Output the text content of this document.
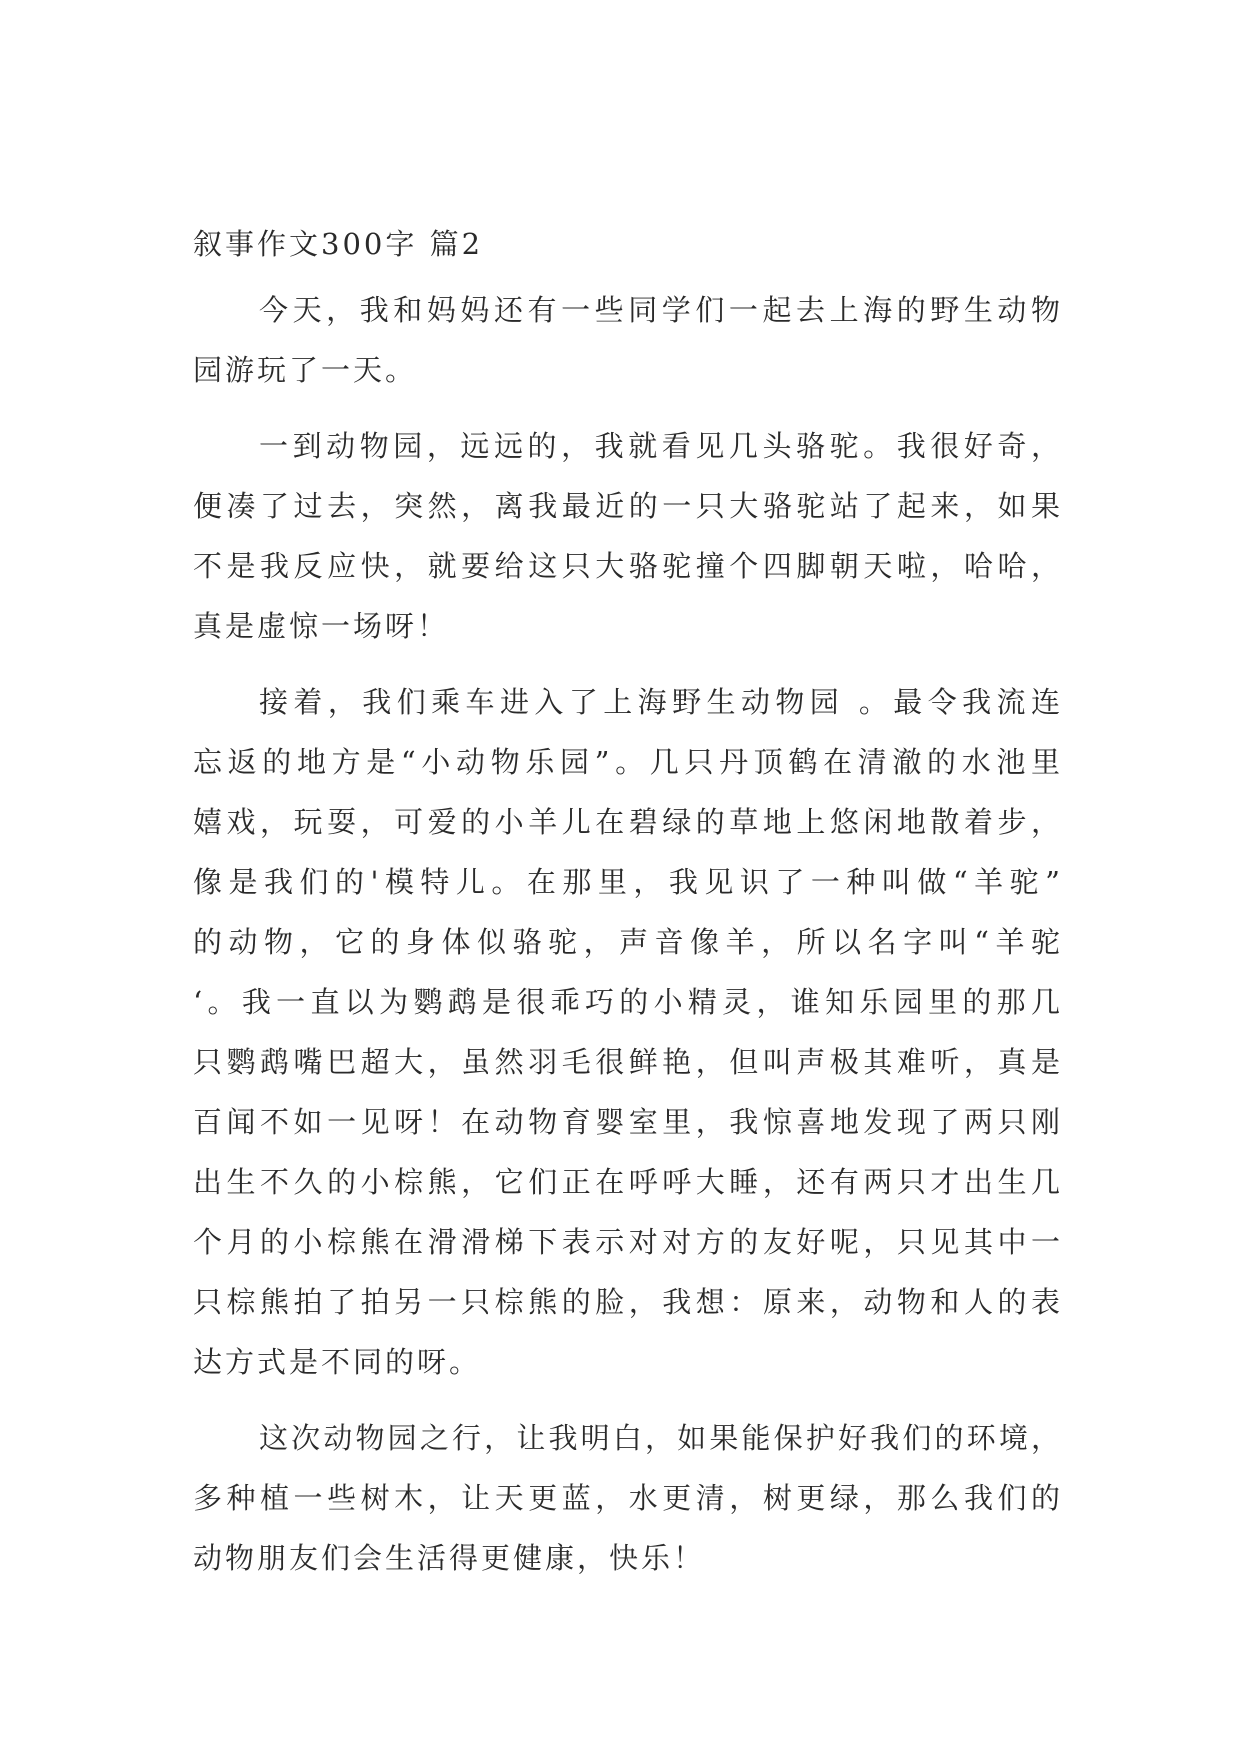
叙事作文300字 篇2
今天，我和妈妈还有一些同学们一起去上海的野生动物
园游玩了一天。
一到动物园，远远的，我就看见几头骆驼。我很好奇，
便凑了过去，突然，离我最近的一只大骆驼站了起来，如果
不是我反应快，就要给这只大骆驼撞个四脚朝天啦，哈哈，
真是虚惊一场呀！
接着，我们乘车进入了上海野生动物园 。最令我流连
忘返的地方是“小动物乐园”。几只丹顶鹤在清澈的水池里
嬉戏，玩耍，可爱的小羊儿在碧绿的草地上悠闲地散着步，
像是我们的'模特儿。在那里，我见识了一种叫做“羊驼”
的动物，它的身体似骆驼，声音像羊，所以名字叫“羊驼
‘。我一直以为鹦鹉是很乖巧的小精灵，谁知乐园里的那几
只鹦鹉嘴巴超大，虽然羽毛很鲜艳，但叫声极其难听，真是
百闻不如一见呀！在动物育婴室里，我惊喜地发现了两只刚
出生不久的小棕熊，它们正在呼呼大睡，还有两只才出生几
个月的小棕熊在滑滑梯下表示对对方的友好呢，只见其中一
只棕熊拍了拍另一只棕熊的脸，我想：原来，动物和人的表
达方式是不同的呀。
这次动物园之行，让我明白，如果能保护好我们的环境，
多种植一些树木，让天更蓝，水更清，树更绿，那么我们的
动物朋友们会生活得更健康，快乐！
